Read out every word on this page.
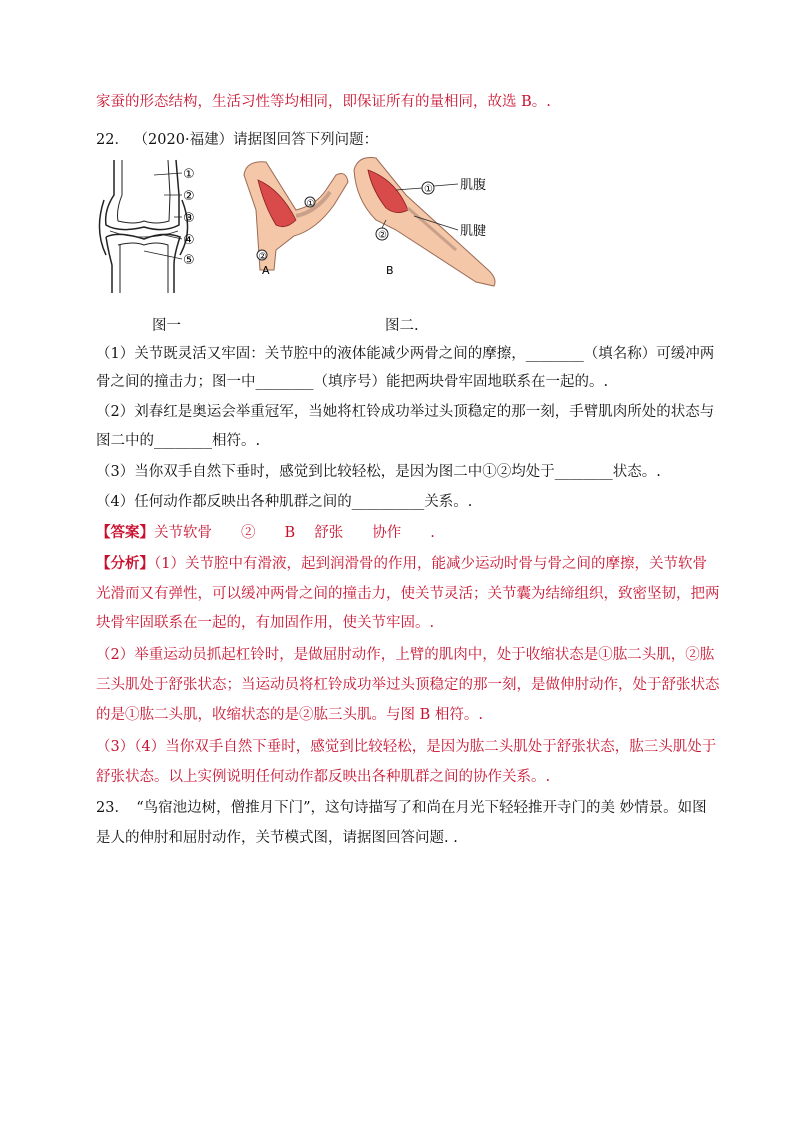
家蚕的形态结构，生活习性等均相同，即保证所有的量相同，故选 B。.
22． （2020·福建）请据图回答下列问题：
①
②
③
④
⑤
①
②
A
①
②
肌腹
肌腱
B
图一	图二.
（1）关节既灵活又牢固：关节腔中的液体能减少两骨之间的摩擦，________（填名称）可缓冲两
骨之间的撞击力；图一中________（填序号）能把两块骨牢固地联系在一起的。.
（2）刘春红是奥运会举重冠军，当她将杠铃成功举过头顶稳定的那一刻，手臂肌肉所处的状态与
图二中的________相符。.
（3）当你双手自然下垂时，感觉到比较轻松，是因为图二中①②均处于________状态。.
（4）任何动作都反映出各种肌群之间的__________关系。.
【答案】关节软骨　　②　　B　 舒张　　协作　　.
【分析】（1）关节腔中有滑液，起到润滑骨的作用，能减少运动时骨与骨之间的摩擦，关节软骨
光滑而又有弹性，可以缓冲两骨之间的撞击力，使关节灵活；关节囊为结缔组织，致密坚韧，把两
块骨牢固联系在一起的，有加固作用，使关节牢固。.
（2）举重运动员抓起杠铃时，是做屈肘动作，上臂的肌肉中，处于收缩状态是①肱二头肌，②肱
三头肌处于舒张状态；当运动员将杠铃成功举过头顶稳定的那一刻，是做伸肘动作，处于舒张状态
的是①肱二头肌，收缩状态的是②肱三头肌。与图 B 相符。.
（3）（4）当你双手自然下垂时，感觉到比较轻松，是因为肱二头肌处于舒张状态，肱三头肌处于
舒张状态。以上实例说明任何动作都反映出各种肌群之间的协作关系。.
23．　“鸟宿池边树，僧推月下门”，这句诗描写了和尚在月光下轻轻推开寺门的美 妙情景。如图
是人的伸肘和屈肘动作，关节模式图，请据图回答问题. .
